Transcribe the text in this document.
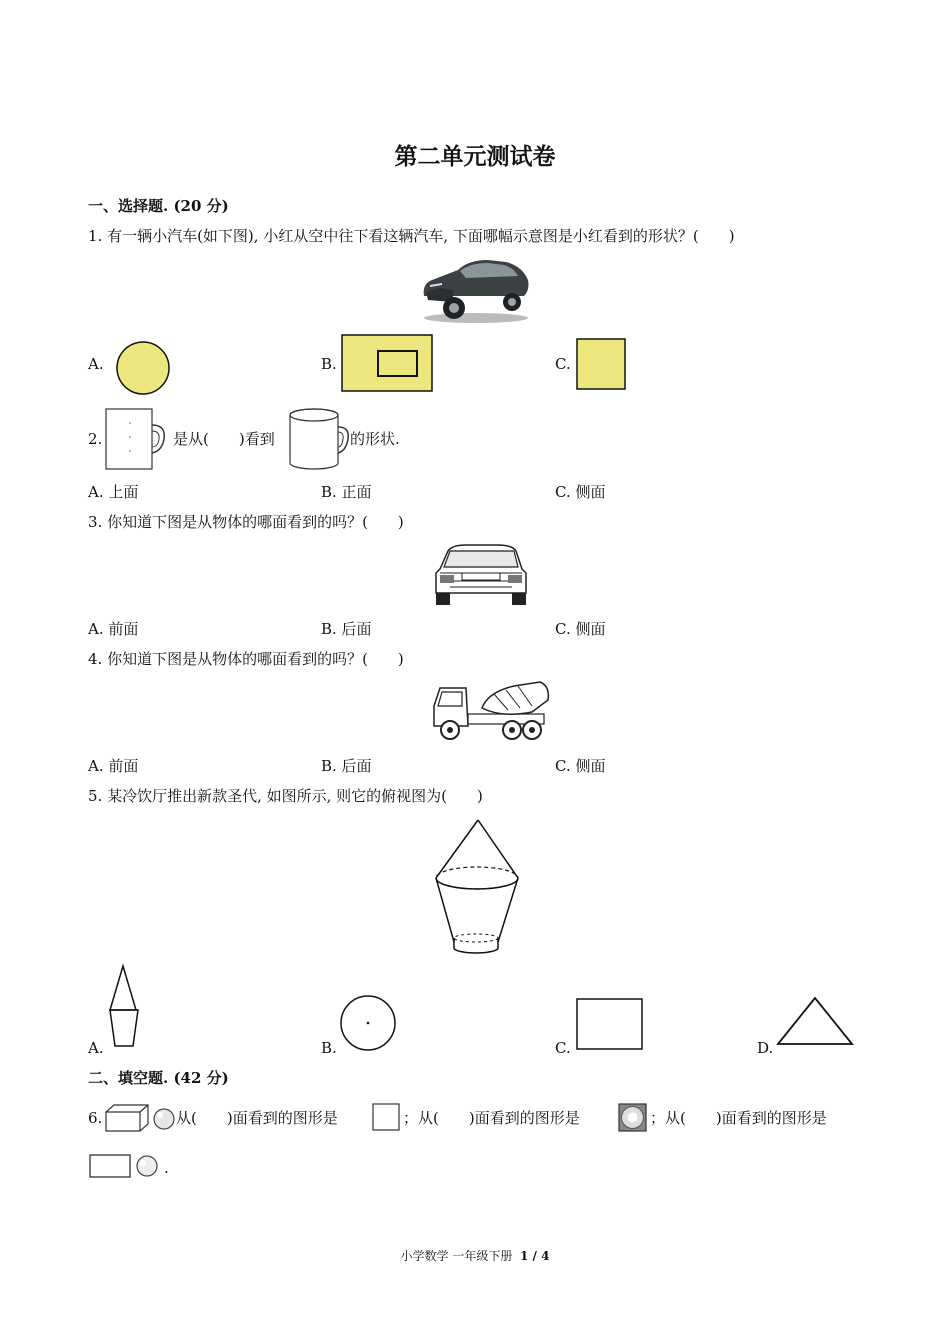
第二单元测试卷
一、选择题. (20 分)
1. 有一辆小汽车(如下图), 小红从空中往下看这辆汽车, 下面哪幅示意图是小红看到的形状？(　　)
A.	B.	C.
2.	是从(　　)看到	的形状.
A. 上面	B. 正面	C. 侧面
3. 你知道下图是从物体的哪面看到的吗？(　　)
A. 前面	B. 后面	C. 侧面
4. 你知道下图是从物体的哪面看到的吗？(　　)
A. 前面	B. 后面	C. 侧面
5. 某冷饮厅推出新款圣代, 如图所示, 则它的俯视图为(　　)
A.	B.	C.	D.
二、填空题. (42 分)
6.	从(　　)面看到的图形是	；从(　　)面看到的图形是	；从(　　)面看到的图形是
.
小学数学 一年级下册 1 / 4
